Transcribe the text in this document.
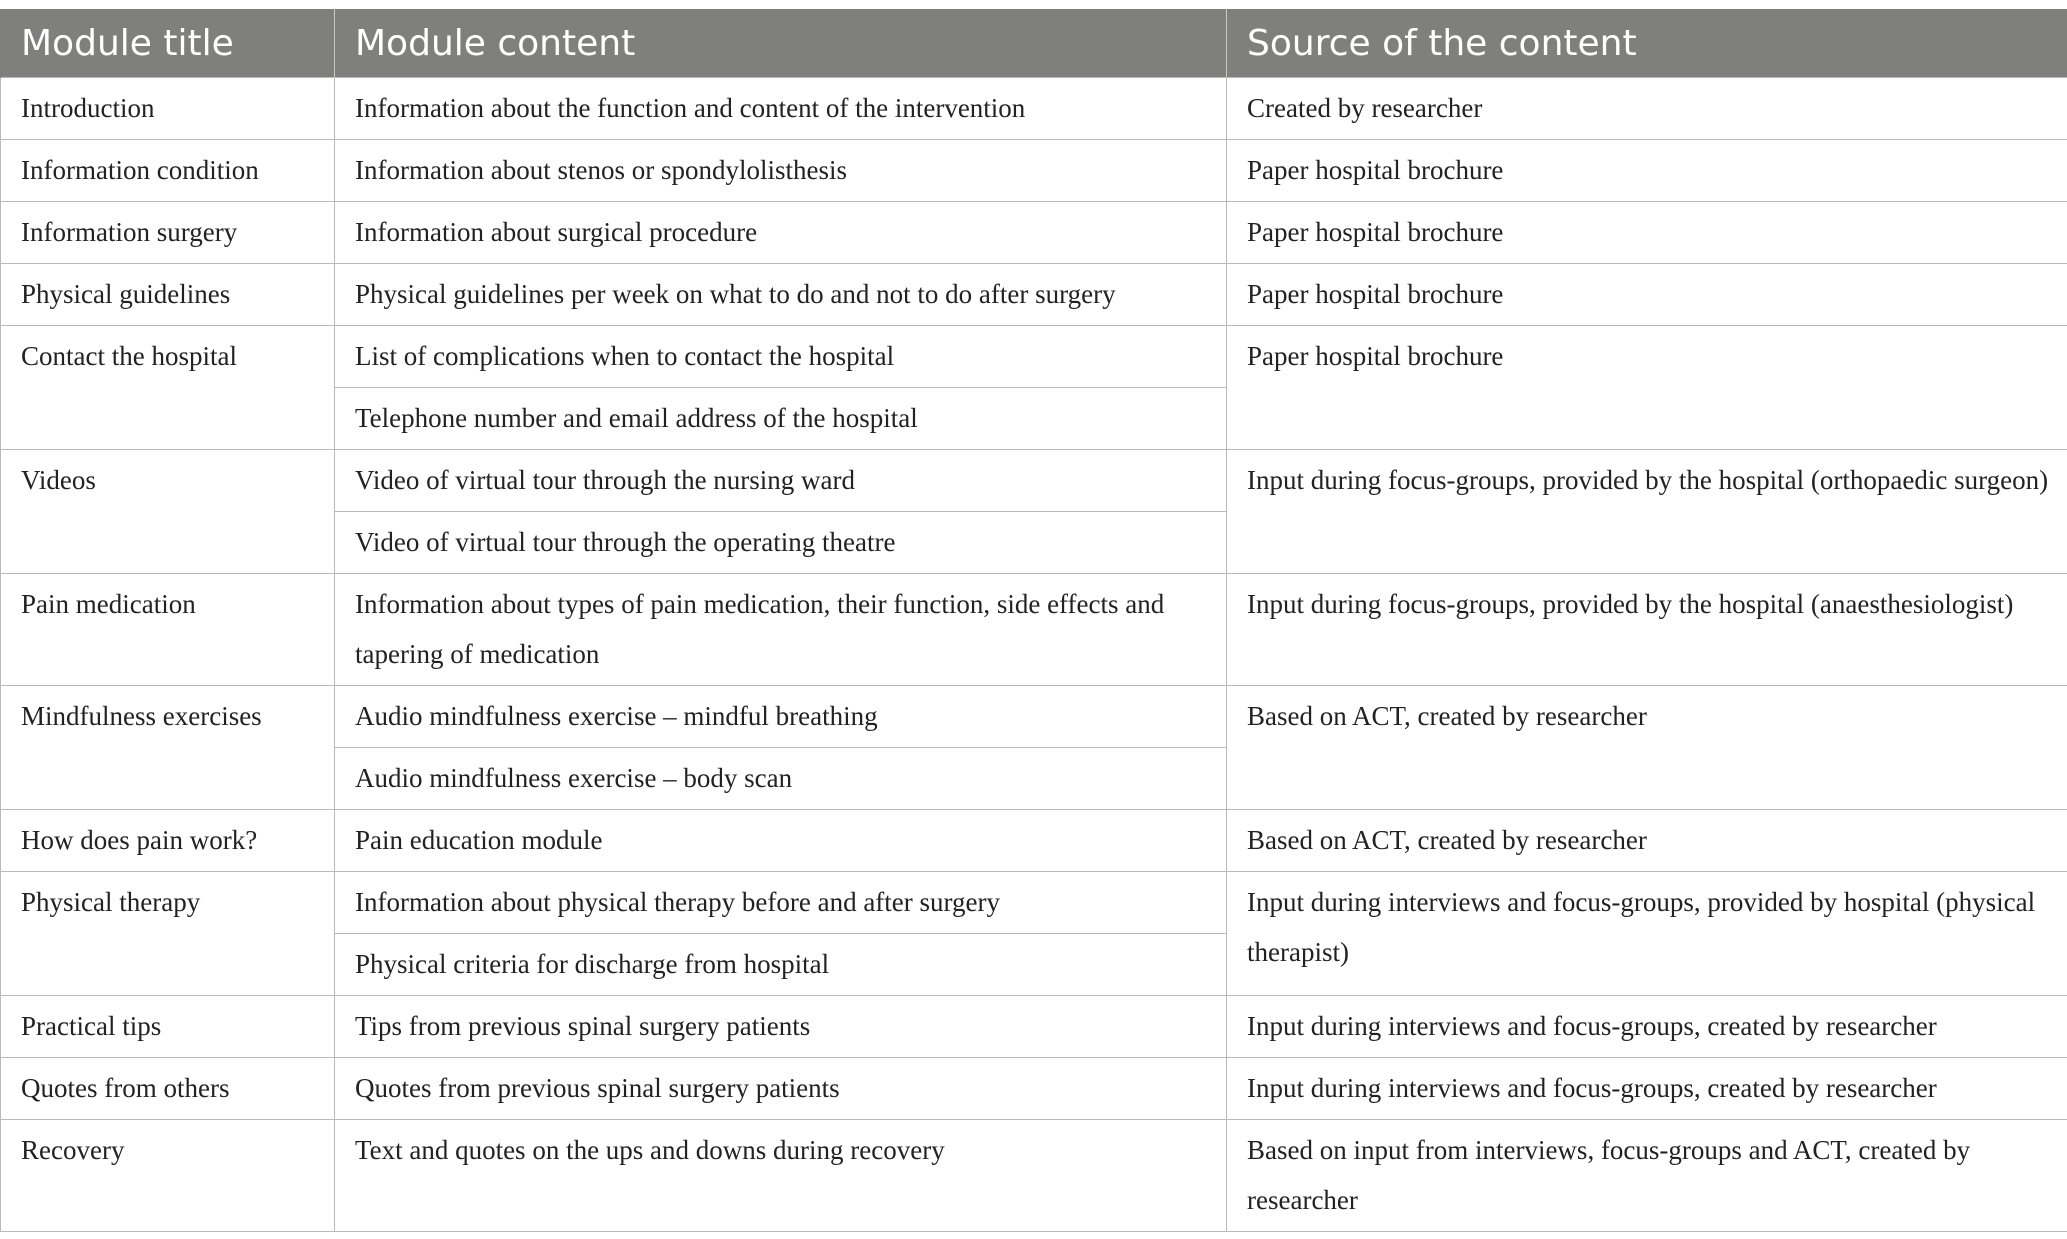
Module title	Module content	Source of the content

Introduction	Information about the function and content of the intervention	Created by researcher

Information condition	Information about stenos or spondylolisthesis	Paper hospital brochure

Information surgery	Information about surgical procedure	Paper hospital brochure

Physical guidelines	Physical guidelines per week on what to do and not to do after surgery	Paper hospital brochure

Contact the hospital	List of complications when to contact the hospital	Paper hospital brochure

	Telephone number and email address of the hospital	

Videos	Video of virtual tour through the nursing ward	Input during focus-groups, provided by the hospital (orthopaedic surgeon)

	Video of virtual tour through the operating theatre	

Pain medication	Information about types of pain medication, their function, side effects and tapering of medication	Input during focus-groups, provided by the hospital (anaesthesiologist)

Mindfulness exercises	Audio mindfulness exercise – mindful breathing	Based on ACT, created by researcher

	Audio mindfulness exercise – body scan	

How does pain work?	Pain education module	Based on ACT, created by researcher

Physical therapy	Information about physical therapy before and after surgery	Input during interviews and focus-groups, provided by hospital (physical therapist)

	Physical criteria for discharge from hospital	

Practical tips	Tips from previous spinal surgery patients	Input during interviews and focus-groups, created by researcher

Quotes from others	Quotes from previous spinal surgery patients	Input during interviews and focus-groups, created by researcher

Recovery	Text and quotes on the ups and downs during recovery	Based on input from interviews, focus-groups and ACT, created by researcher
